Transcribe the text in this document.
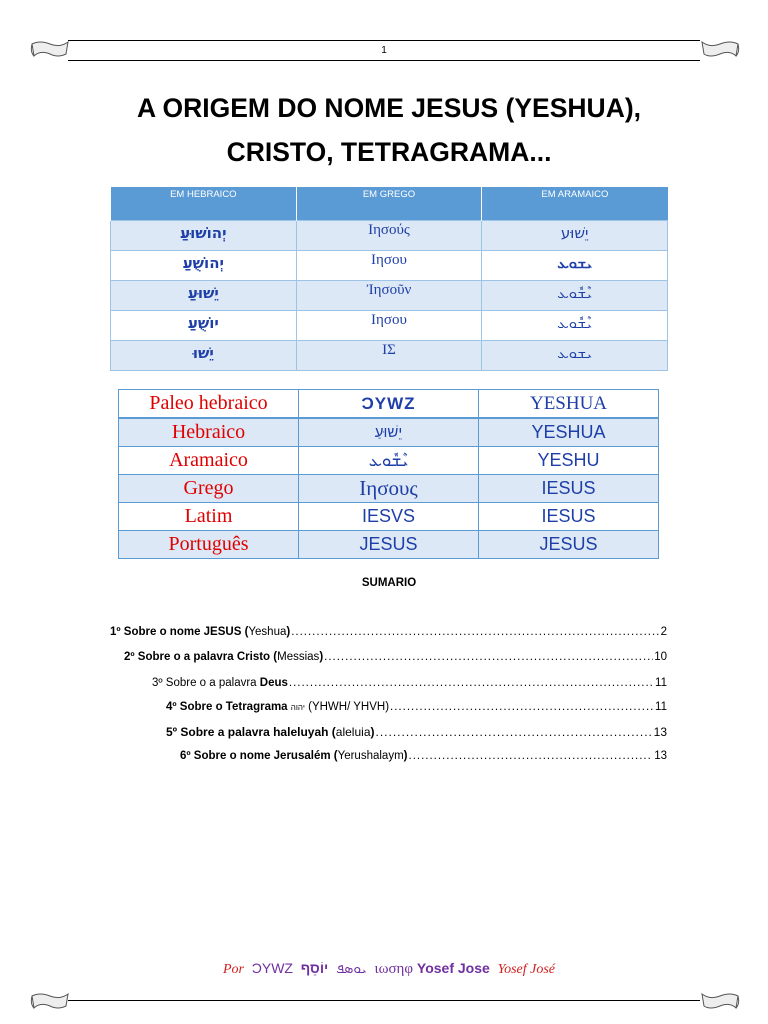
1
A ORIGEM DO NOME JESUS (YESHUA),
CRISTO, TETRAGRAMA...
EM HEBRAICO	EM GREGO	EM ARAMAICO
יְהוֹשׁוּעַ	Ιησούς	יֵשׁוּע
יְהוֹשֻׁעַ	Ιησου	ܝܫܘܥ
יֵשׁוּעַ	Ἰησοῦν	ܝܶܫܽܘܥ
יוֹשֻׁעַ	Ιησου	ܝܶܫܽܘܥ
יֵשׁוּ	ΙΣ	ܝܫܘܥ
Paleo hebraico	ƆYWZ	YESHUA
Hebraico	יֵשׁוּעַ	YESHUA
Aramaico	ܝܶܫܽܘܥ	YESHU
Grego	Ιησους	IESUS
Latim	IESVS	IESUS
Português	JESUS	JESUS
SUMARIO
1º Sobre o nome JESUS (Yeshua) .....	2
2º Sobre o a palavra Cristo (Messias) .....	10
3º Sobre o a palavra Deus .....	11
4º Sobre o Tetragrama יהוה (YHWH/ YHVH) .....	11
5º Sobre a palavra haleluyah (aleluia) .....	13
6º Sobre o nome Jerusalém (Yerushalaym) .....	13
Por ƆYWZ יוֹסֵף ܝܘܣܦ ιωσηφ Yosef Jose Yosef José
